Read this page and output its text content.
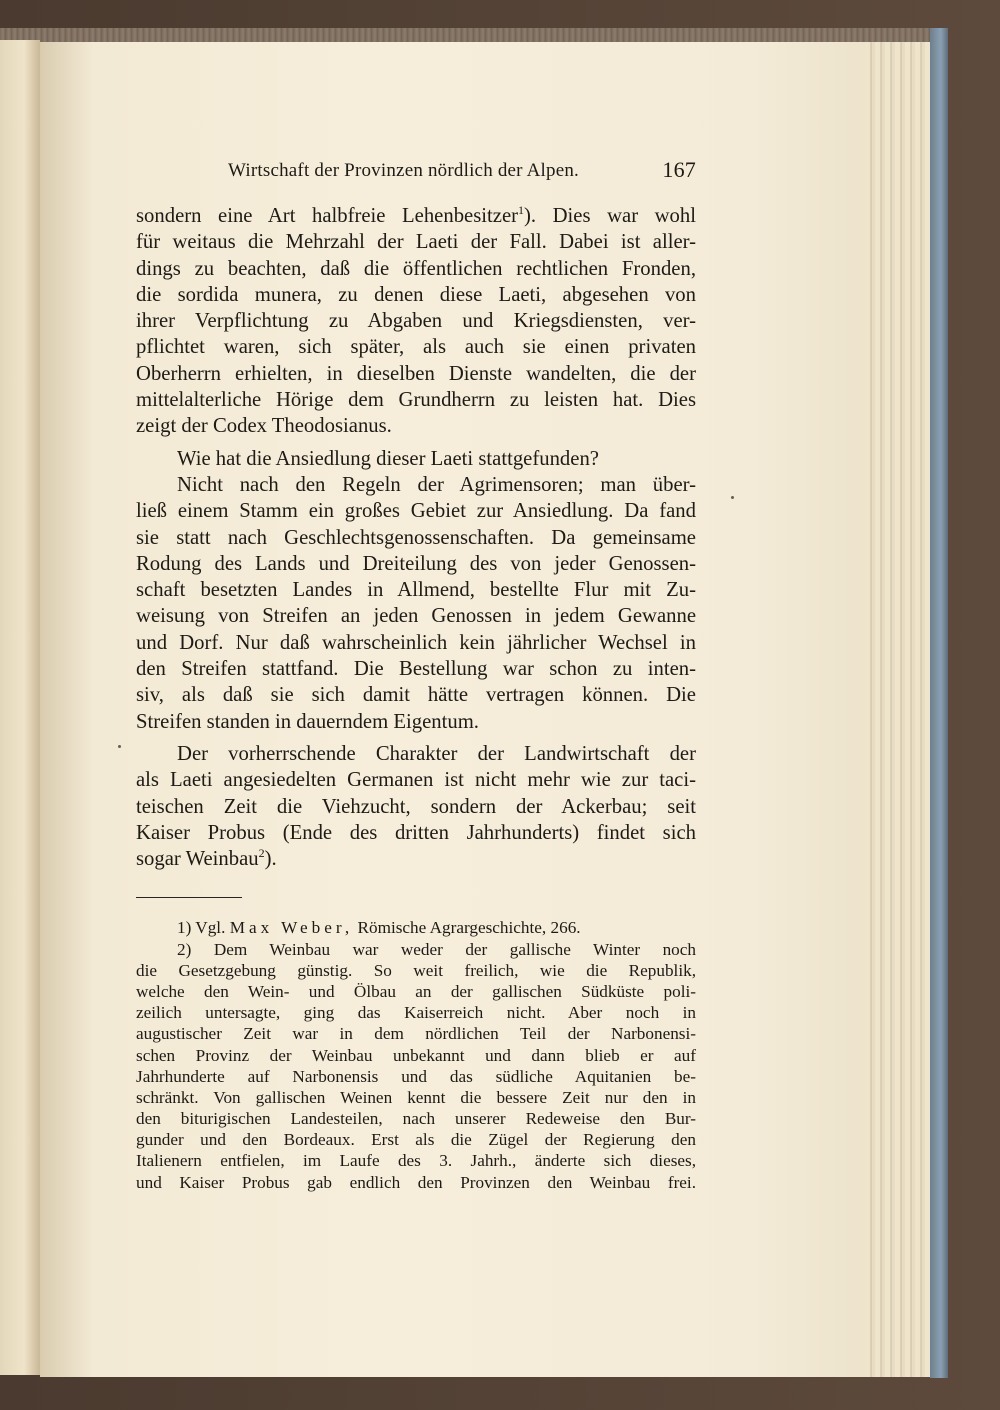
Wirtschaft der Provinzen nördlich der Alpen.	167
sondern eine Art halbfreie Lehenbesitzer$^1$). Dies war wohl
für weitaus die Mehrzahl der Laeti der Fall. Dabei ist aller-
dings zu beachten, daß die öffentlichen rechtlichen Fronden,
die sordida munera, zu denen diese Laeti, abgesehen von
ihrer Verpflichtung zu Abgaben und Kriegsdiensten, ver-
pflichtet waren, sich später, als auch sie einen privaten
Oberherrn erhielten, in dieselben Dienste wandelten, die der
mittelalterliche Hörige dem Grundherrn zu leisten hat. Dies
zeigt der Codex Theodosianus.
Wie hat die Ansiedlung dieser Laeti stattgefunden?
Nicht nach den Regeln der Agrimensoren; man über-
ließ einem Stamm ein großes Gebiet zur Ansiedlung. Da fand
sie statt nach Geschlechtsgenossenschaften. Da gemeinsame
Rodung des Lands und Dreiteilung des von jeder Genossen-
schaft besetzten Landes in Allmend, bestellte Flur mit Zu-
weisung von Streifen an jeden Genossen in jedem Gewanne
und Dorf. Nur daß wahrscheinlich kein jährlicher Wechsel in
den Streifen stattfand. Die Bestellung war schon zu inten-
siv, als daß sie sich damit hätte vertragen können. Die
Streifen standen in dauerndem Eigentum.
Der vorherrschende Charakter der Landwirtschaft der
als Laeti angesiedelten Germanen ist nicht mehr wie zur taci-
teischen Zeit die Viehzucht, sondern der Ackerbau; seit
Kaiser Probus (Ende des dritten Jahrhunderts) findet sich
sogar Weinbau$^2$).
1) Vgl. Max Weber, Römische Agrargeschichte, 266.
2) Dem Weinbau war weder der gallische Winter noch
die Gesetzgebung günstig. So weit freilich, wie die Republik,
welche den Wein- und Ölbau an der gallischen Südküste poli-
zeilich untersagte, ging das Kaiserreich nicht. Aber noch in
augustischer Zeit war in dem nördlichen Teil der Narbonensi-
schen Provinz der Weinbau unbekannt und dann blieb er auf
Jahrhunderte auf Narbonensis und das südliche Aquitanien be-
schränkt. Von gallischen Weinen kennt die bessere Zeit nur den in
den biturigischen Landesteilen, nach unserer Redeweise den Bur-
gunder und den Bordeaux. Erst als die Zügel der Regierung den
Italienern entfielen, im Laufe des 3. Jahrh., änderte sich dieses,
und Kaiser Probus gab endlich den Provinzen den Weinbau frei.
